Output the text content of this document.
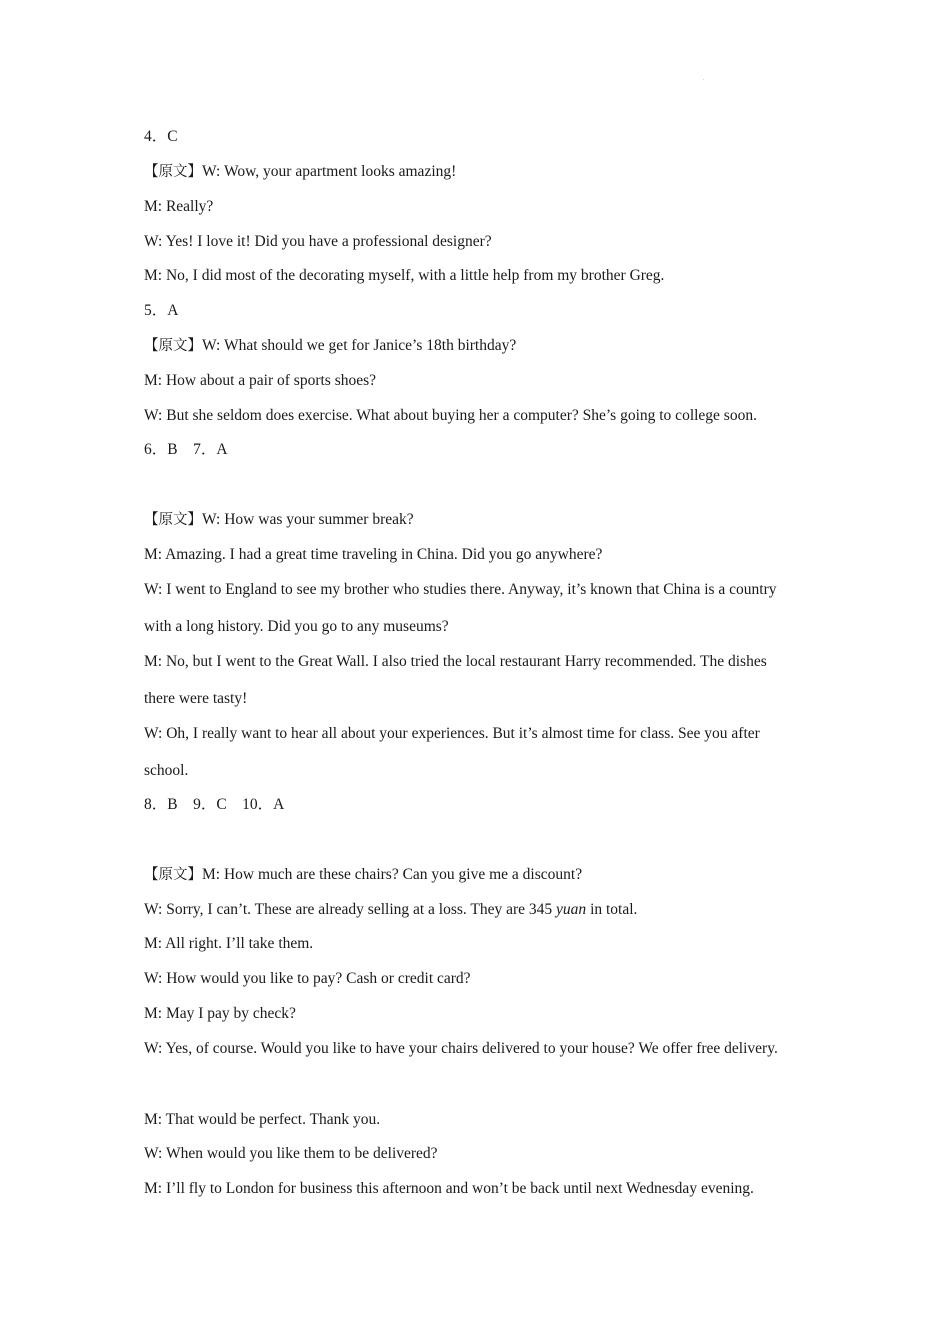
.
4．C
【原文】W: Wow, your apartment looks amazing!
M: Really?
W: Yes! I love it! Did you have a professional designer?
M: No, I did most of the decorating myself, with a little help from my brother Greg.
5．A
【原文】W: What should we get for Janice’s 18th birthday?
M: How about a pair of sports shoes?
W: But she seldom does exercise. What about buying her a computer? She’s going to college soon.
6．B　7．A
【原文】W: How was your summer break?
M: Amazing. I had a great time traveling in China. Did you go anywhere?
W: I went to England to see my brother who studies there. Anyway, it’s known that China is a country with a long history. Did you go to any museums?
M: No, but I went to the Great Wall. I also tried the local restaurant Harry recommended. The dishes there were tasty!
W: Oh, I really want to hear all about your experiences. But it’s almost time for class. See you after school.
8．B　9．C　10．A
【原文】M: How much are these chairs? Can you give me a discount?
W: Sorry, I can’t. These are already selling at a loss. They are 345 yuan in total.
M: All right. I’ll take them.
W: How would you like to pay? Cash or credit card?
M: May I pay by check?
W: Yes, of course. Would you like to have your chairs delivered to your house? We offer free delivery.
M: That would be perfect. Thank you.
W: When would you like them to be delivered?
M: I’ll fly to London for business this afternoon and won’t be back until next Wednesday evening.
